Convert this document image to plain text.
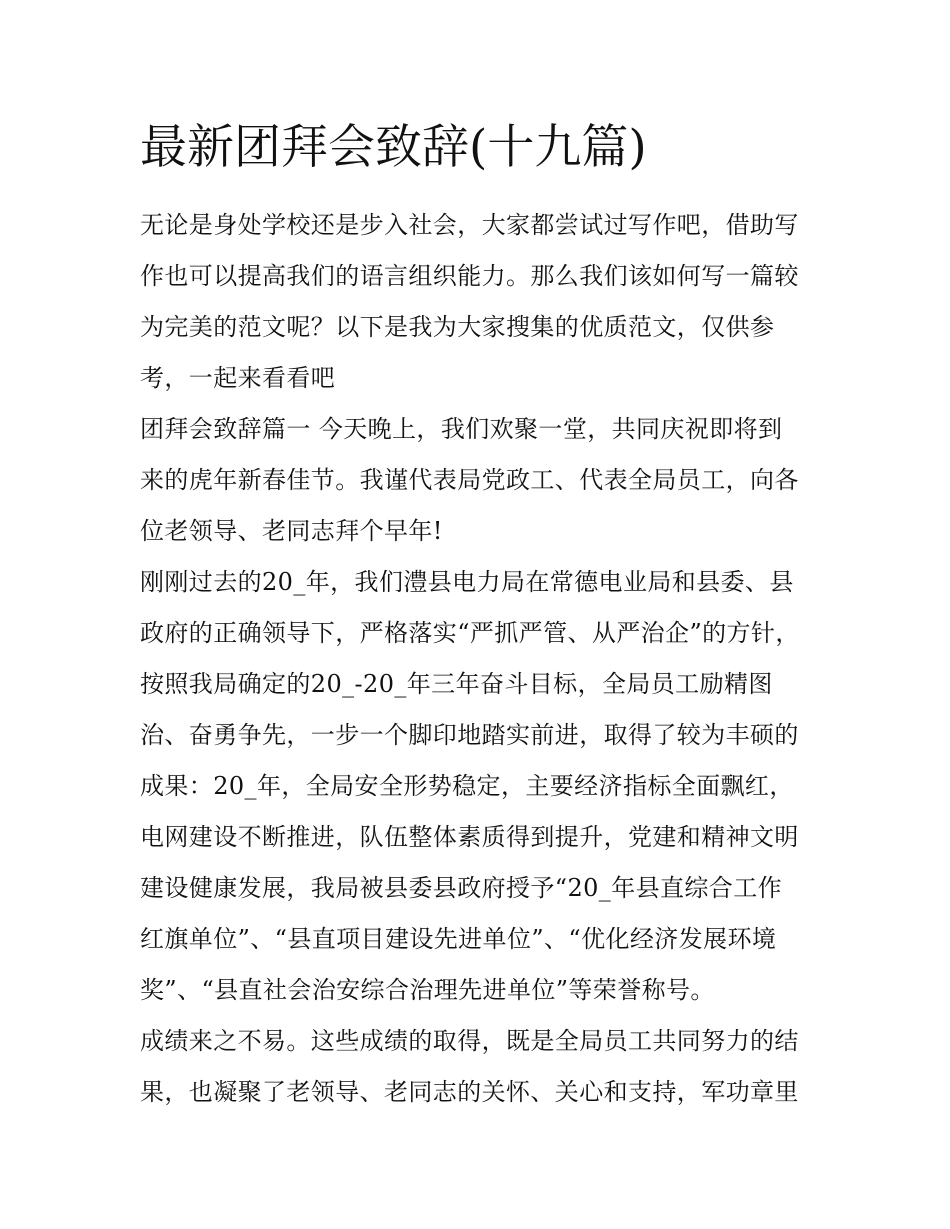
最新团拜会致辞(十九篇)
无论是身处学校还是步入社会，大家都尝试过写作吧，借助写
作也可以提高我们的语言组织能力。那么我们该如何写一篇较
为完美的范文呢？以下是我为大家搜集的优质范文，仅供参
考，一起来看看吧
团拜会致辞篇一 今天晚上，我们欢聚一堂，共同庆祝即将到
来的虎年新春佳节。我谨代表局党政工、代表全局员工，向各
位老领导、老同志拜个早年!
刚刚过去的20_年，我们澧县电力局在常德电业局和县委、县
政府的正确领导下，严格落实“严抓严管、从严治企”的方针，
按照我局确定的20_-20_年三年奋斗目标，全局员工励精图
治、奋勇争先，一步一个脚印地踏实前进，取得了较为丰硕的
成果：20_年，全局安全形势稳定，主要经济指标全面飘红，
电网建设不断推进，队伍整体素质得到提升，党建和精神文明
建设健康发展，我局被县委县政府授予“20_年县直综合工作
红旗单位”、“县直项目建设先进单位”、“优化经济发展环境
奖”、“县直社会治安综合治理先进单位”等荣誉称号。
成绩来之不易。这些成绩的取得，既是全局员工共同努力的结
果，也凝聚了老领导、老同志的关怀、关心和支持，军功章里
